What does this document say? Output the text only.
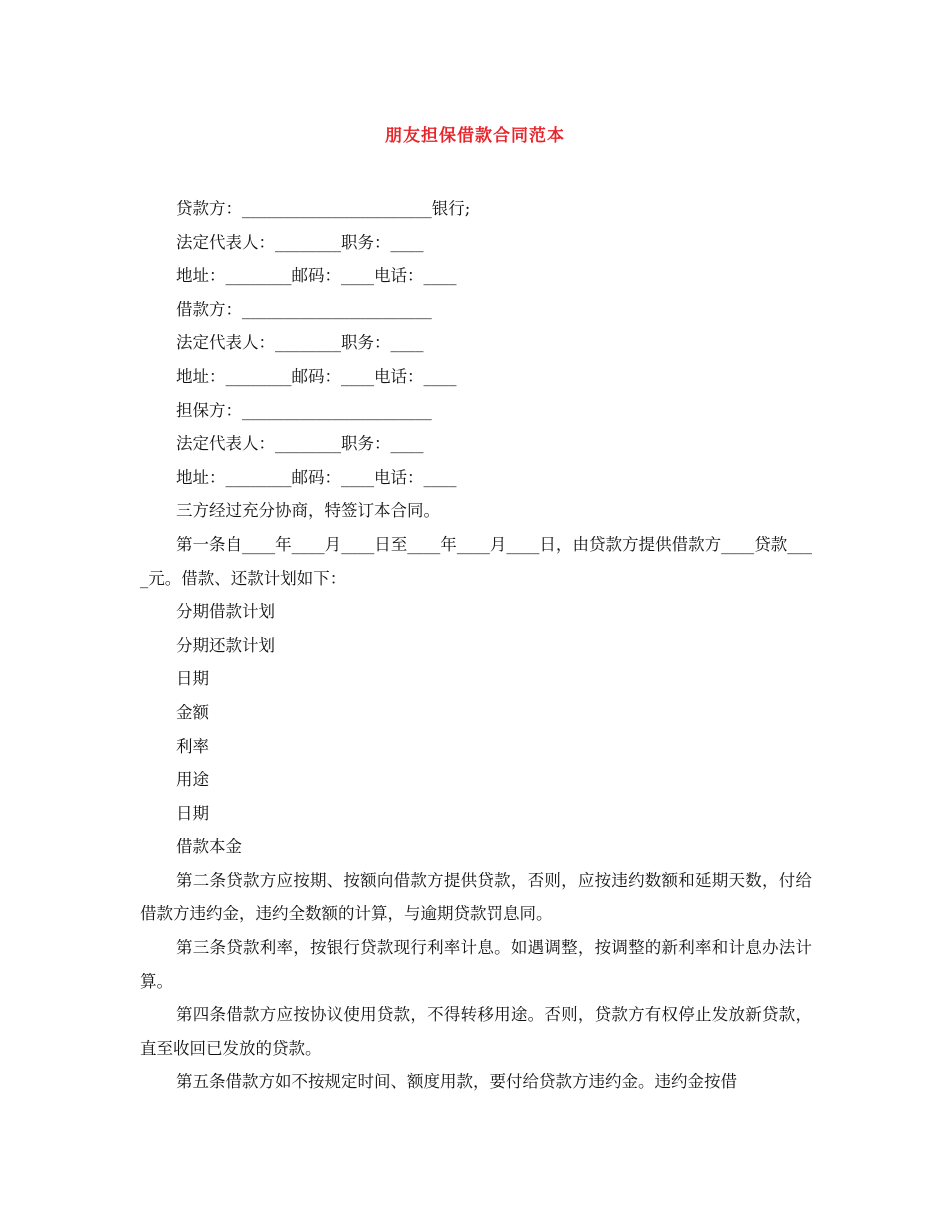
朋友担保借款合同范本
贷款方：_______________________银行;
法定代表人：________职务：____
地址：________邮码：____电话：____
借款方：_______________________
法定代表人：________职务：____
地址：________邮码：____电话：____
担保方：_______________________
法定代表人：________职务：____
地址：________邮码：____电话：____
三方经过充分协商，特签订本合同。
第一条自____年____月____日至____年____月____日，由贷款方提供借款方____贷款____元。借款、还款计划如下：
分期借款计划
分期还款计划
日期
金额
利率
用途
日期
借款本金
第二条贷款方应按期、按额向借款方提供贷款，否则，应按违约数额和延期天数，付给借款方违约金，违约全数额的计算，与逾期贷款罚息同。
第三条贷款利率，按银行贷款现行利率计息。如遇调整，按调整的新利率和计息办法计算。
第四条借款方应按协议使用贷款，不得转移用途。否则，贷款方有权停止发放新贷款，直至收回已发放的贷款。
第五条借款方如不按规定时间、额度用款，要付给贷款方违约金。违约金按借
